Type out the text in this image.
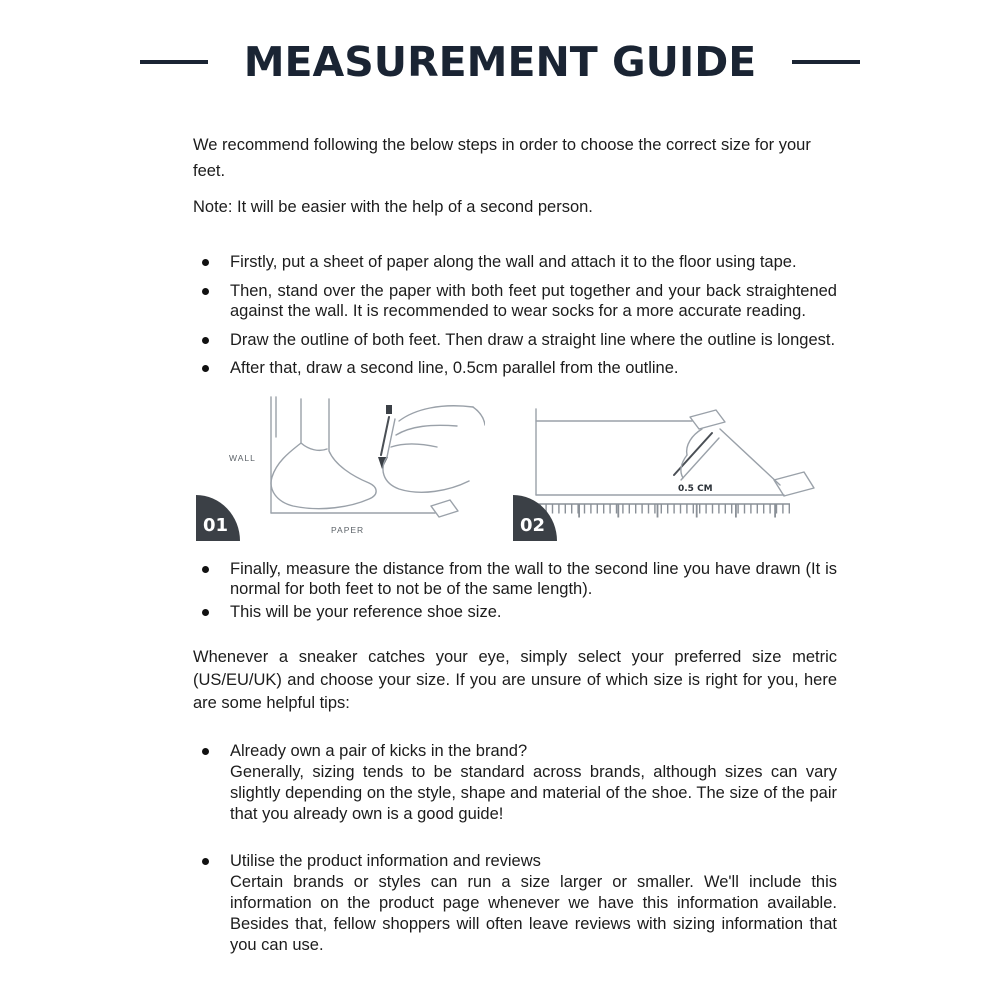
MEASUREMENT GUIDE

We recommend following the below steps in order to choose the correct size for your feet.

Note: It will be easier with the help of a second person.

Firstly, put a sheet of paper along the wall and attach it to the floor using tape.
Then, stand over the paper with both feet put together and your back straightened against the wall. It is recommended to wear socks for a more accurate reading.
Draw the outline of both feet. Then draw a straight line where the outline is longest.
After that, draw a second line, 0.5cm parallel from the outline.
WALL
PAPER
01
0.5 CM
02
Finally, measure the distance from the wall to the second line you have drawn (It is normal for both feet to not be of the same length).
This will be your reference shoe size.

Whenever a sneaker catches your eye, simply select your preferred size metric (US/EU/UK) and choose your size. If you are unsure of which size is right for you, here are some helpful tips:

Already own a pair of kicks in the brand?
Generally, sizing tends to be standard across brands, although sizes can vary slightly depending on the style, shape and material of the shoe. The size of the pair that you already own is a good guide!
Utilise the product information and reviews
Certain brands or styles can run a size larger or smaller. We'll include this information on the product page whenever we have this information available. Besides that, fellow shoppers will often leave reviews with sizing information that you can use.
